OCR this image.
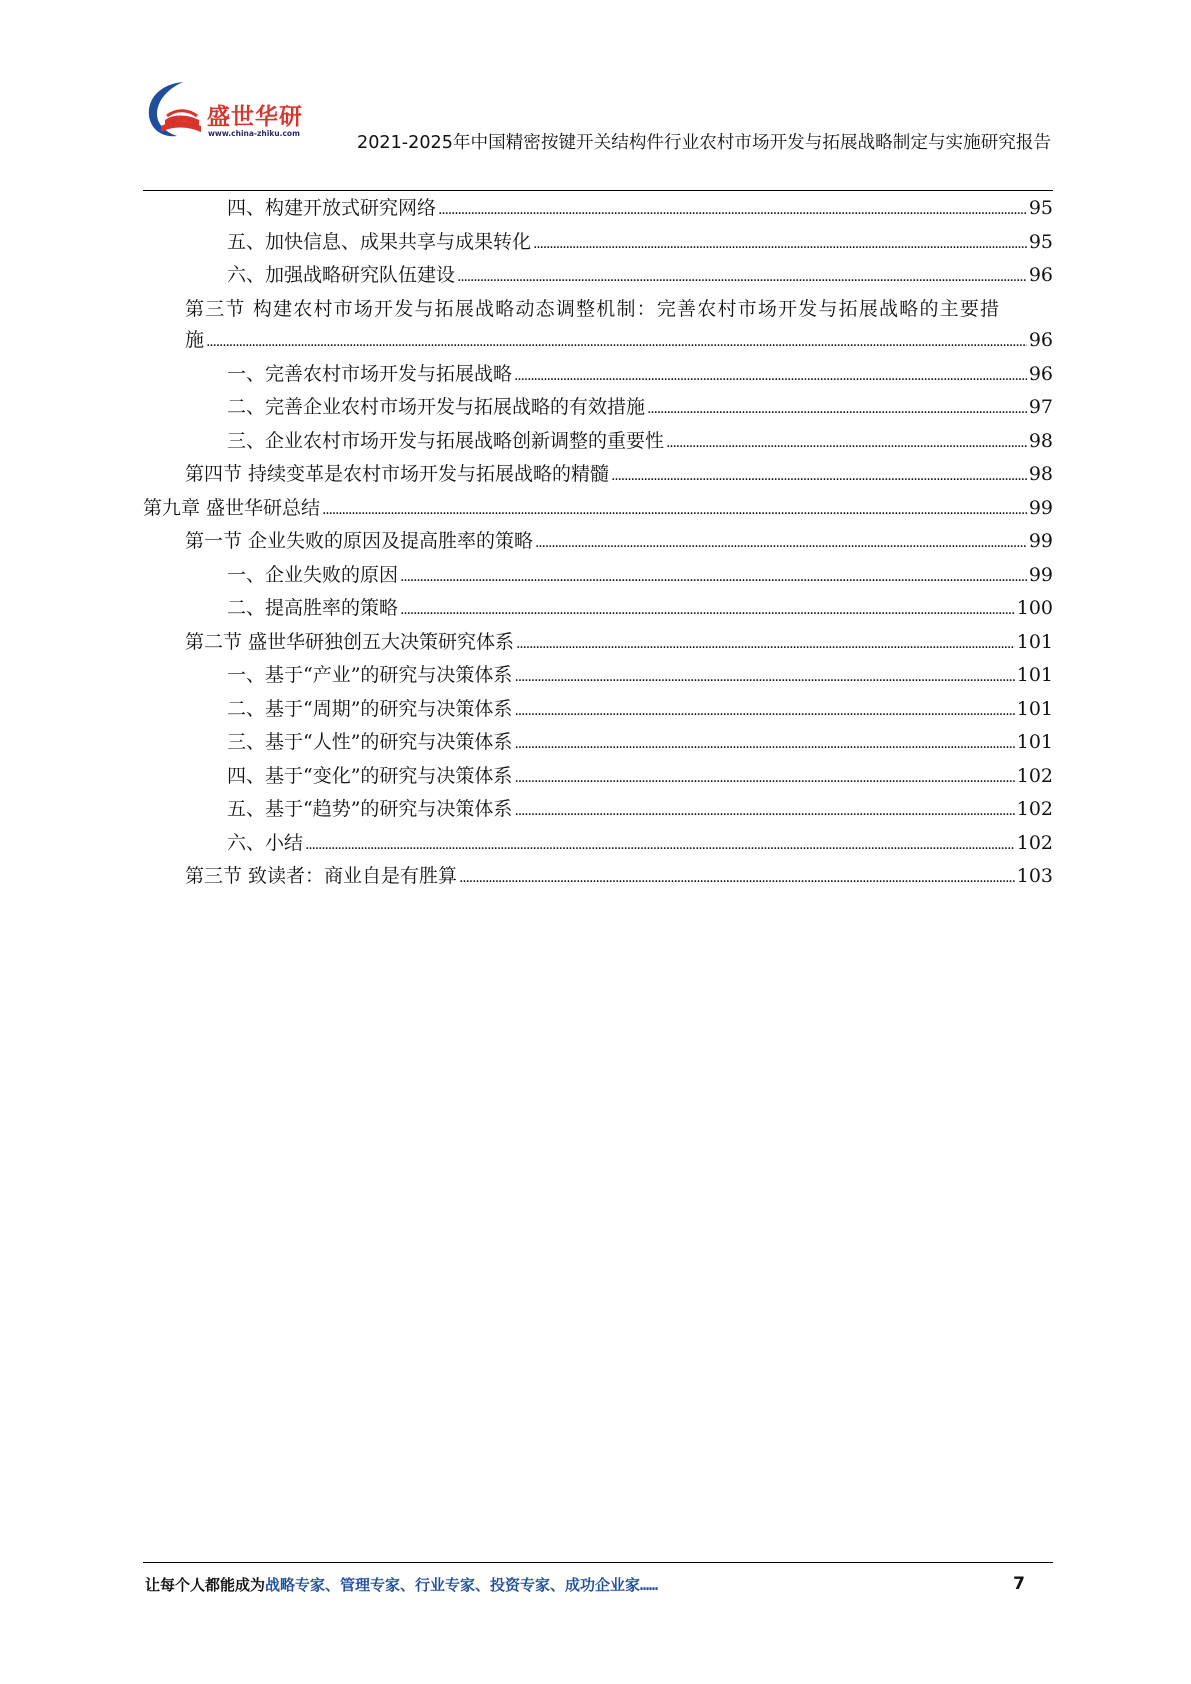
盛世华研
www.china-zhiku.com	2021-2025年中国精密按键开关结构件行业农村市场开发与拓展战略制定与实施研究报告
四、构建开放式研究网络 .....	95
五、加快信息、成果共享与成果转化 .....	95
六、加强战略研究队伍建设 .....	96
第三节 构建农村市场开发与拓展战略动态调整机制：完善农村市场开发与拓展战略的主要措
施 .....	96
一、完善农村市场开发与拓展战略 .....	96
二、完善企业农村市场开发与拓展战略的有效措施 .....	97
三、企业农村市场开发与拓展战略创新调整的重要性 .....	98
第四节 持续变革是农村市场开发与拓展战略的精髓 .....	98
第九章 盛世华研总结 .....	99
第一节 企业失败的原因及提高胜率的策略 .....	99
一、企业失败的原因 .....	99
二、提高胜率的策略 .....	100
第二节 盛世华研独创五大决策研究体系 .....	101
一、基于“产业”的研究与决策体系 .....	101
二、基于“周期”的研究与决策体系 .....	101
三、基于“人性”的研究与决策体系 .....	101
四、基于“变化”的研究与决策体系 .....	102
五、基于“趋势”的研究与决策体系 .....	102
六、小结 .....	102
第三节 致读者：商业自是有胜算 .....	103
让每个人都能成为战略专家、管理专家、行业专家、投资专家、成功企业家……	7
